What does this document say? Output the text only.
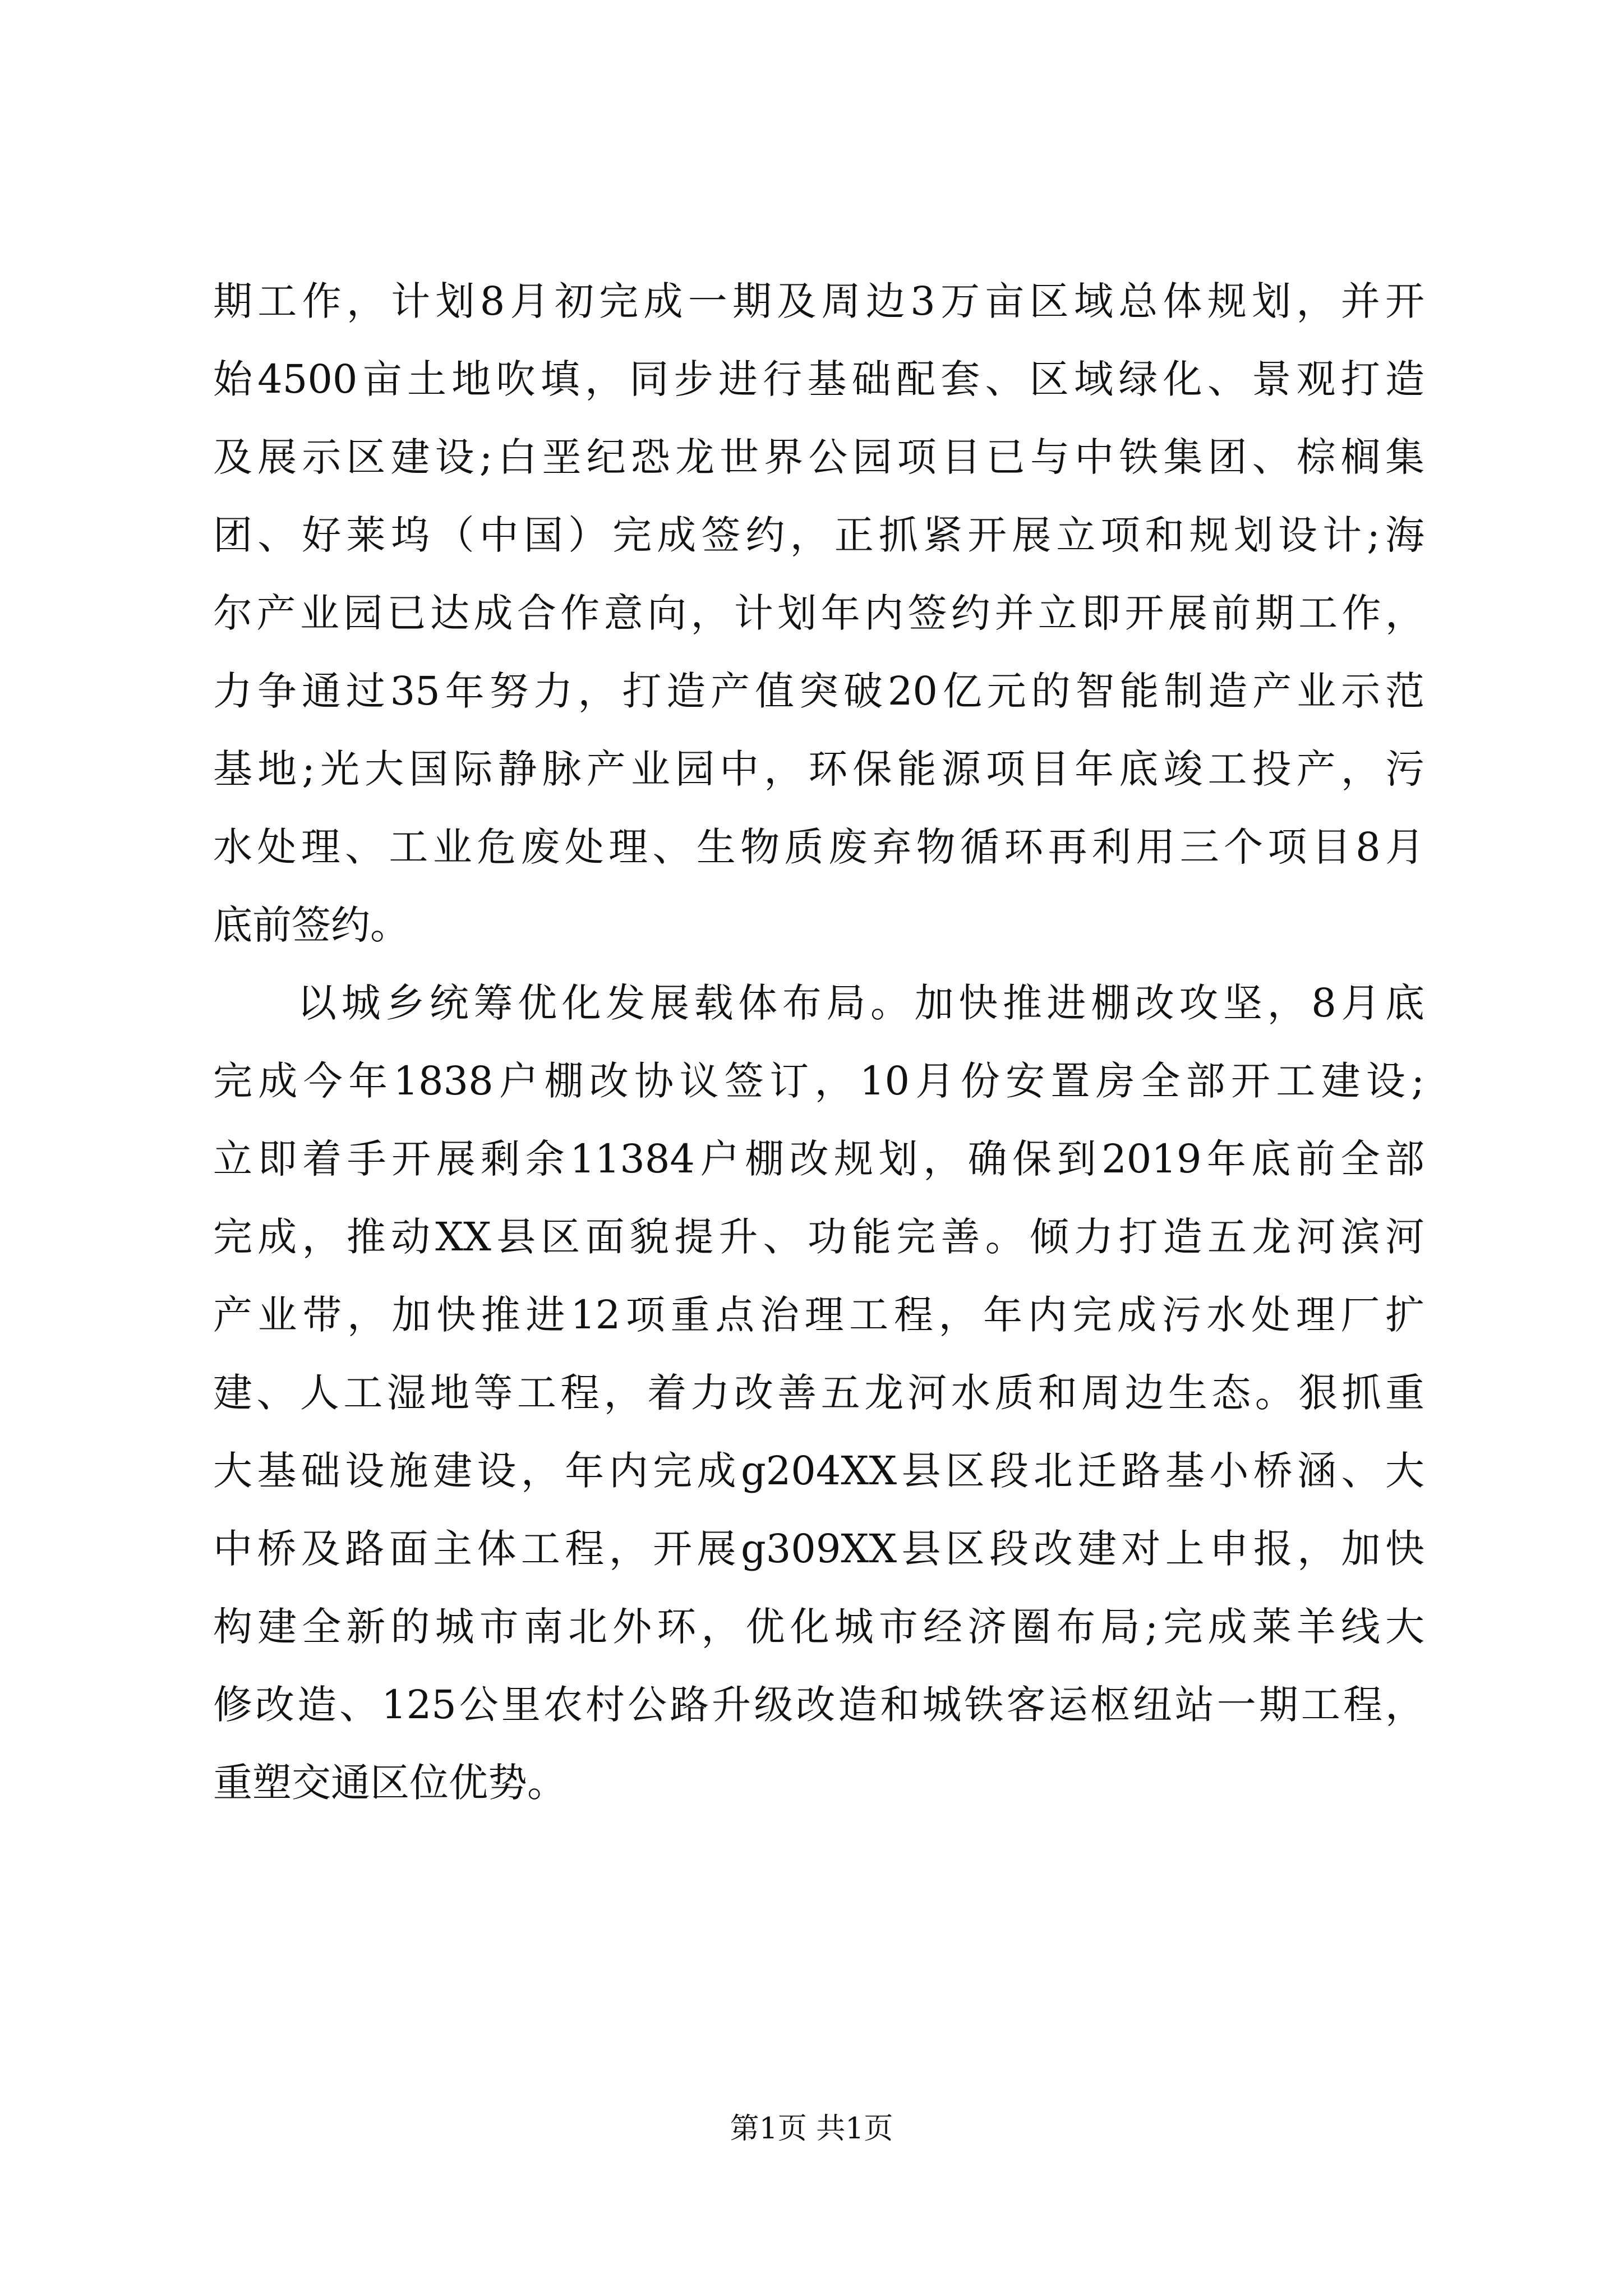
期工作，计划8月初完成一期及周边3万亩区域总体规划，并开
始4500亩土地吹填，同步进行基础配套、区域绿化、景观打造
及展示区建设;白垩纪恐龙世界公园项目已与中铁集团、棕榈集
团、好莱坞（中国）完成签约，正抓紧开展立项和规划设计;海
尔产业园已达成合作意向，计划年内签约并立即开展前期工作，
力争通过35年努力，打造产值突破20亿元的智能制造产业示范
基地;光大国际静脉产业园中，环保能源项目年底竣工投产，污
水处理、工业危废处理、生物质废弃物循环再利用三个项目8月
底前签约。
以城乡统筹优化发展载体布局。加快推进棚改攻坚，8月底
完成今年1838户棚改协议签订，10月份安置房全部开工建设;
立即着手开展剩余11384户棚改规划，确保到2019年底前全部
完成，推动XX县区面貌提升、功能完善。倾力打造五龙河滨河
产业带，加快推进12项重点治理工程，年内完成污水处理厂扩
建、人工湿地等工程，着力改善五龙河水质和周边生态。狠抓重
大基础设施建设，年内完成g204XX县区段北迁路基小桥涵、大
中桥及路面主体工程，开展g309XX县区段改建对上申报，加快
构建全新的城市南北外环，优化城市经济圈布局;完成莱羊线大
修改造、125公里农村公路升级改造和城铁客运枢纽站一期工程，
重塑交通区位优势。
第1页 共1页
